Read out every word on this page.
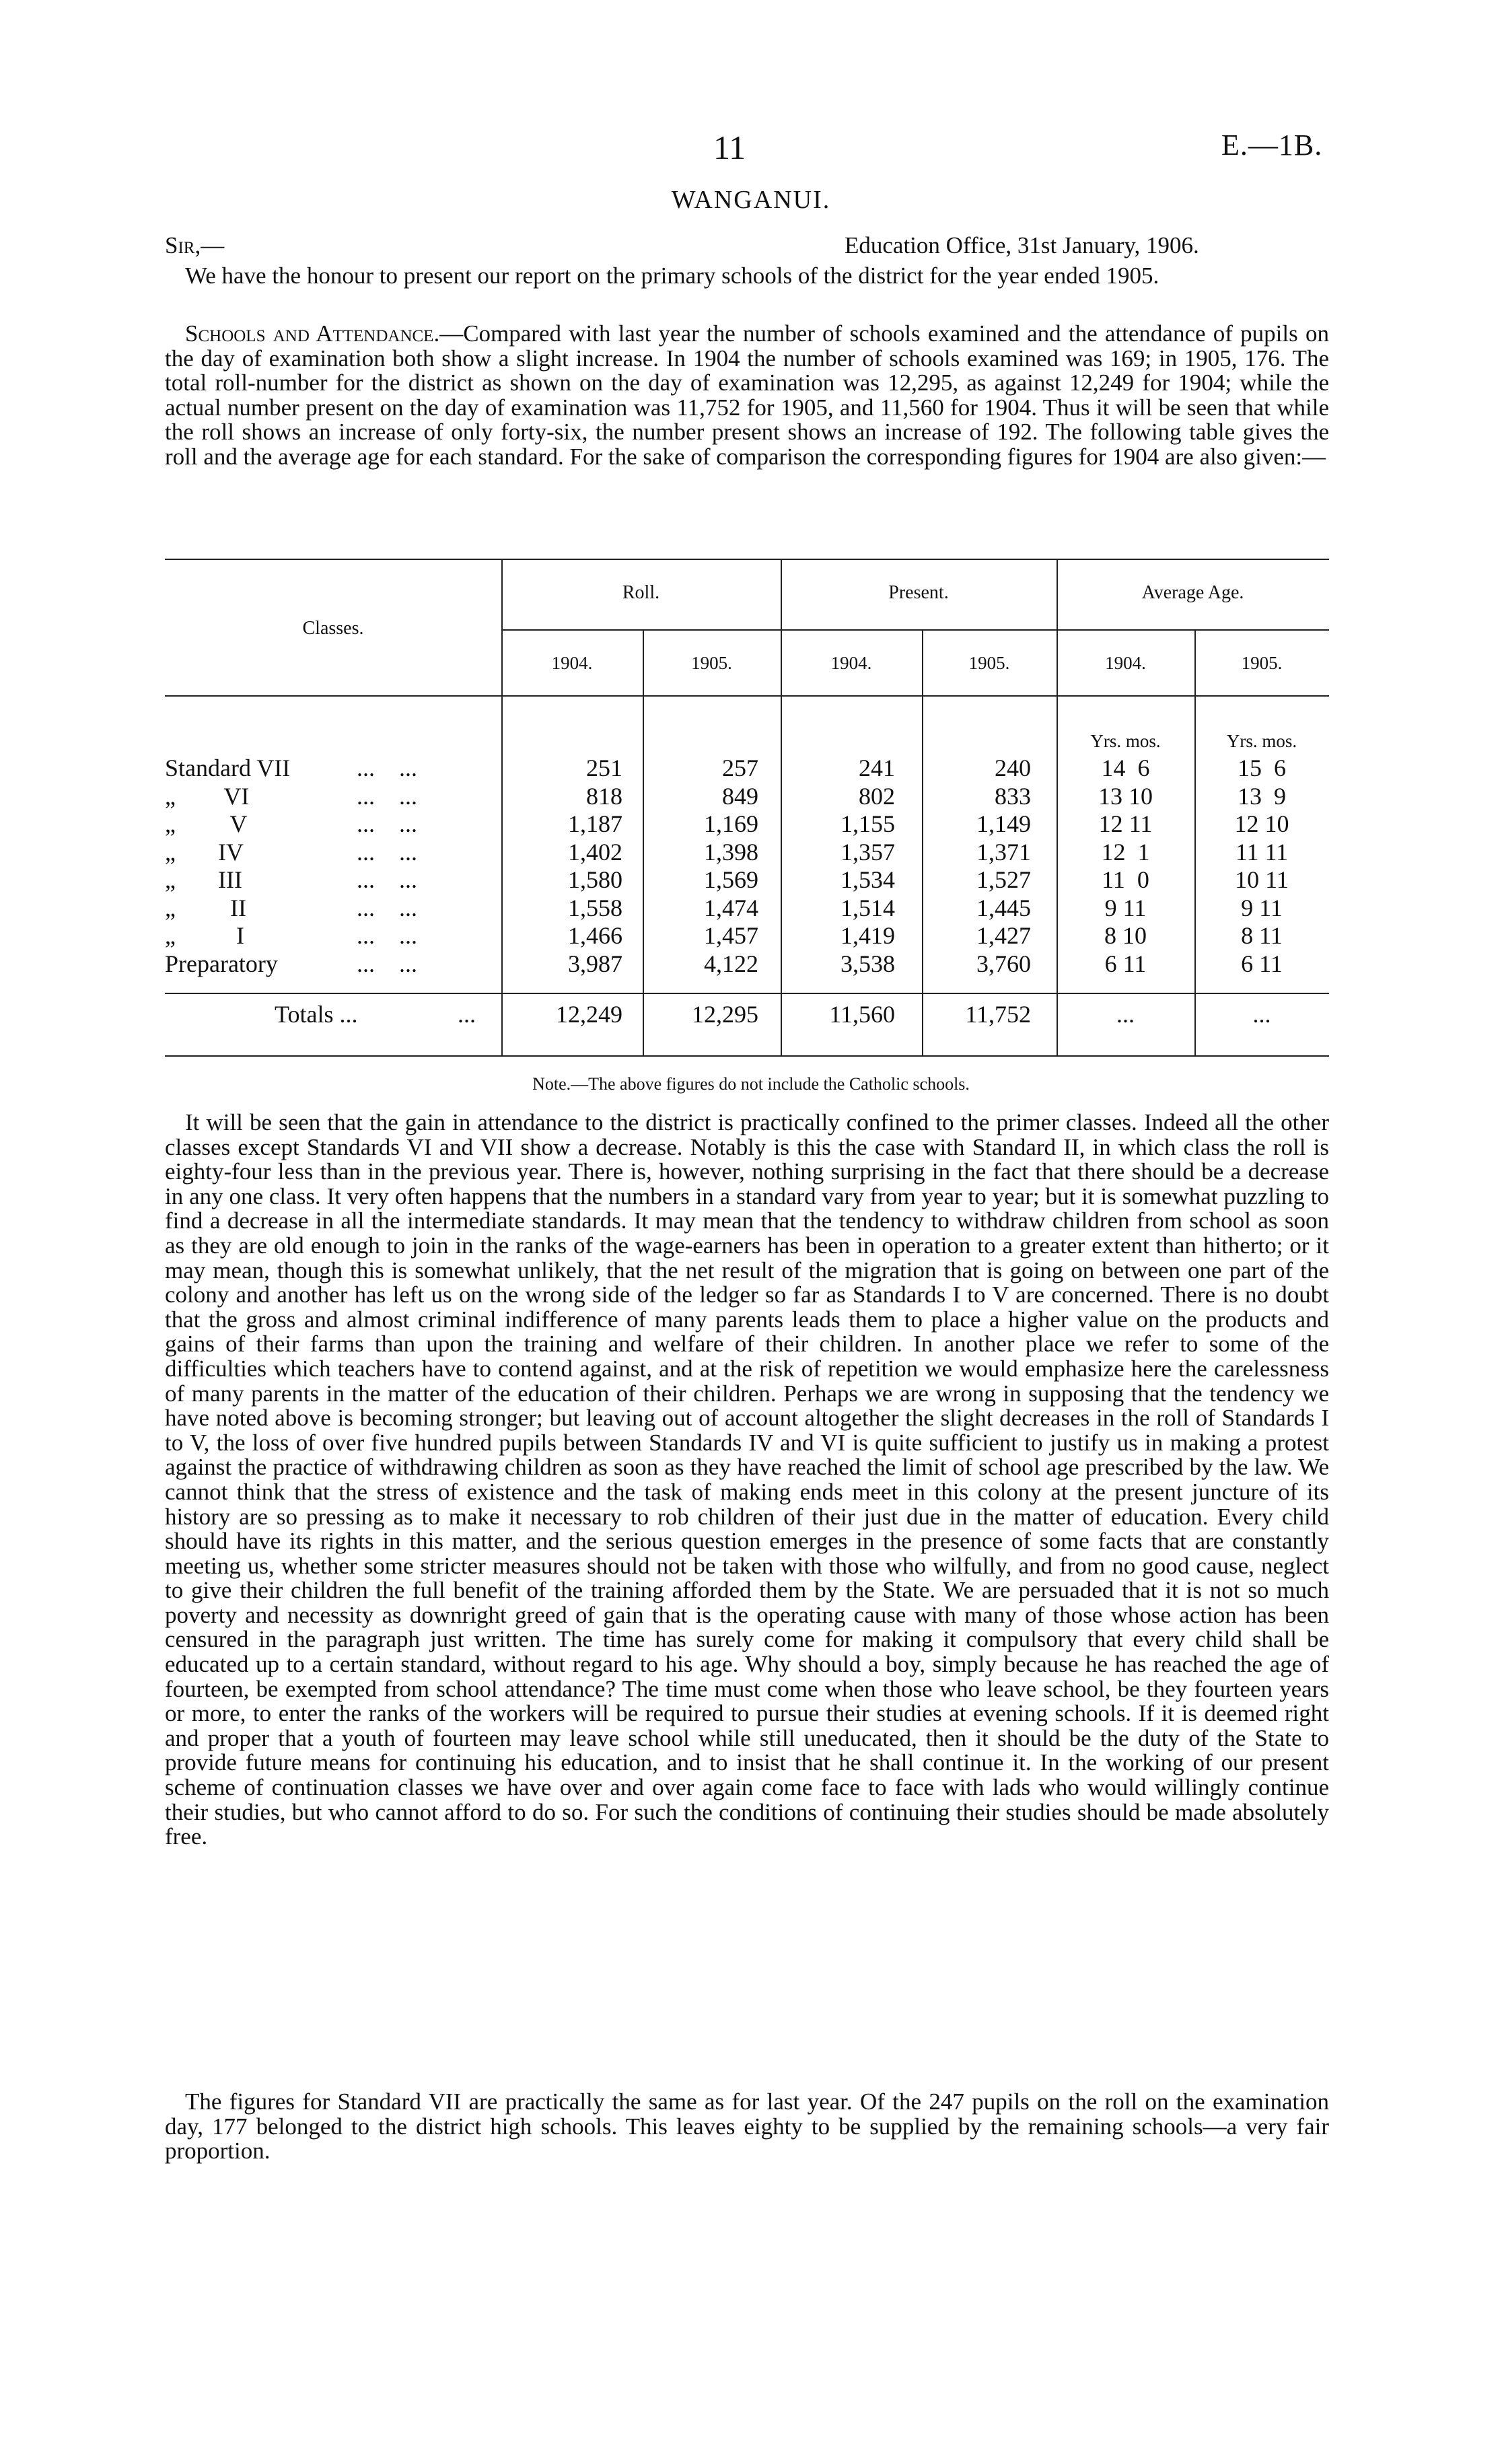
11	E.—1B.
WANGANUI.
Sir,—	Education Office, 31st January, 1906.

We have the honour to present our report on the primary schools of the district for the year ended 1905.

Schools and Attendance.—Compared with last year the number of schools examined and the attendance of pupils on the day of examination both show a slight increase. In 1904 the number of schools examined was 169; in 1905, 176. The total roll-number for the district as shown on the day of examination was 12,295, as against 12,249 for 1904; while the actual number present on the day of examination was 11,752 for 1905, and 11,560 for 1904. Thus it will be seen that while the roll shows an increase of only forty-six, the number present shows an increase of 192. The following table gives the roll and the average age for each standard. For the sake of comparison the corresponding figures for 1904 are also given:—

Classes.
Roll.	Present.	Average Age.
1904.	1905.	1904.	1905.	1904.	1905.
Yrs. mos.	Yrs. mos.
Standard VII	...    ...	251	257	241	240	14  6	15  6
„        VI	...    ...	818	849	802	833	13 10	13  9
„         V	...    ...	1,187	1,169	1,155	1,149	12 11	12 10
„       IV	...    ...	1,402	1,398	1,357	1,371	12  1	11 11
„       III	...    ...	1,580	1,569	1,534	1,527	11  0	10 11
„         II	...    ...	1,558	1,474	1,514	1,445	9 11	9 11
„          I	...    ...	1,466	1,457	1,419	1,427	8 10	8 11
Preparatory	...    ...	3,987	4,122	3,538	3,760	6 11	6 11
Totals ...	...	12,249	12,295	11,560	11,752	...	...
Note.—The above figures do not include the Catholic schools.

It will be seen that the gain in attendance to the district is practically confined to the primer classes. Indeed all the other classes except Standards VI and VII show a decrease. Notably is this the case with Standard II, in which class the roll is eighty-four less than in the previous year. There is, however, nothing surprising in the fact that there should be a decrease in any one class. It very often happens that the numbers in a standard vary from year to year; but it is somewhat puzzling to find a decrease in all the intermediate standards. It may mean that the tendency to withdraw children from school as soon as they are old enough to join in the ranks of the wage-earners has been in operation to a greater extent than hitherto; or it may mean, though this is somewhat unlikely, that the net result of the migration that is going on between one part of the colony and another has left us on the wrong side of the ledger so far as Standards I to V are concerned. There is no doubt that the gross and almost criminal indifference of many parents leads them to place a higher value on the products and gains of their farms than upon the training and welfare of their children. In another place we refer to some of the difficulties which teachers have to contend against, and at the risk of repetition we would emphasize here the carelessness of many parents in the matter of the education of their children. Perhaps we are wrong in supposing that the tendency we have noted above is becoming stronger; but leaving out of account altogether the slight decreases in the roll of Standards I to V, the loss of over five hundred pupils between Standards IV and VI is quite sufficient to justify us in making a protest against the practice of withdrawing children as soon as they have reached the limit of school age prescribed by the law. We cannot think that the stress of existence and the task of making ends meet in this colony at the present juncture of its history are so pressing as to make it necessary to rob children of their just due in the matter of education. Every child should have its rights in this matter, and the serious question emerges in the presence of some facts that are constantly meeting us, whether some stricter measures should not be taken with those who wilfully, and from no good cause, neglect to give their children the full benefit of the training afforded them by the State. We are persuaded that it is not so much poverty and necessity as downright greed of gain that is the operating cause with many of those whose action has been censured in the paragraph just written. The time has surely come for making it compulsory that every child shall be educated up to a certain standard, without regard to his age. Why should a boy, simply because he has reached the age of fourteen, be exempted from school attendance? The time must come when those who leave school, be they fourteen years or more, to enter the ranks of the workers will be required to pursue their studies at evening schools. If it is deemed right and proper that a youth of fourteen may leave school while still uneducated, then it should be the duty of the State to provide future means for continuing his education, and to insist that he shall continue it. In the working of our present scheme of continuation classes we have over and over again come face to face with lads who would willingly continue their studies, but who cannot afford to do so. For such the conditions of continuing their studies should be made absolutely free.

The figures for Standard VII are practically the same as for last year. Of the 247 pupils on the roll on the examination day, 177 belonged to the district high schools. This leaves eighty to be supplied by the remaining schools—a very fair proportion.
